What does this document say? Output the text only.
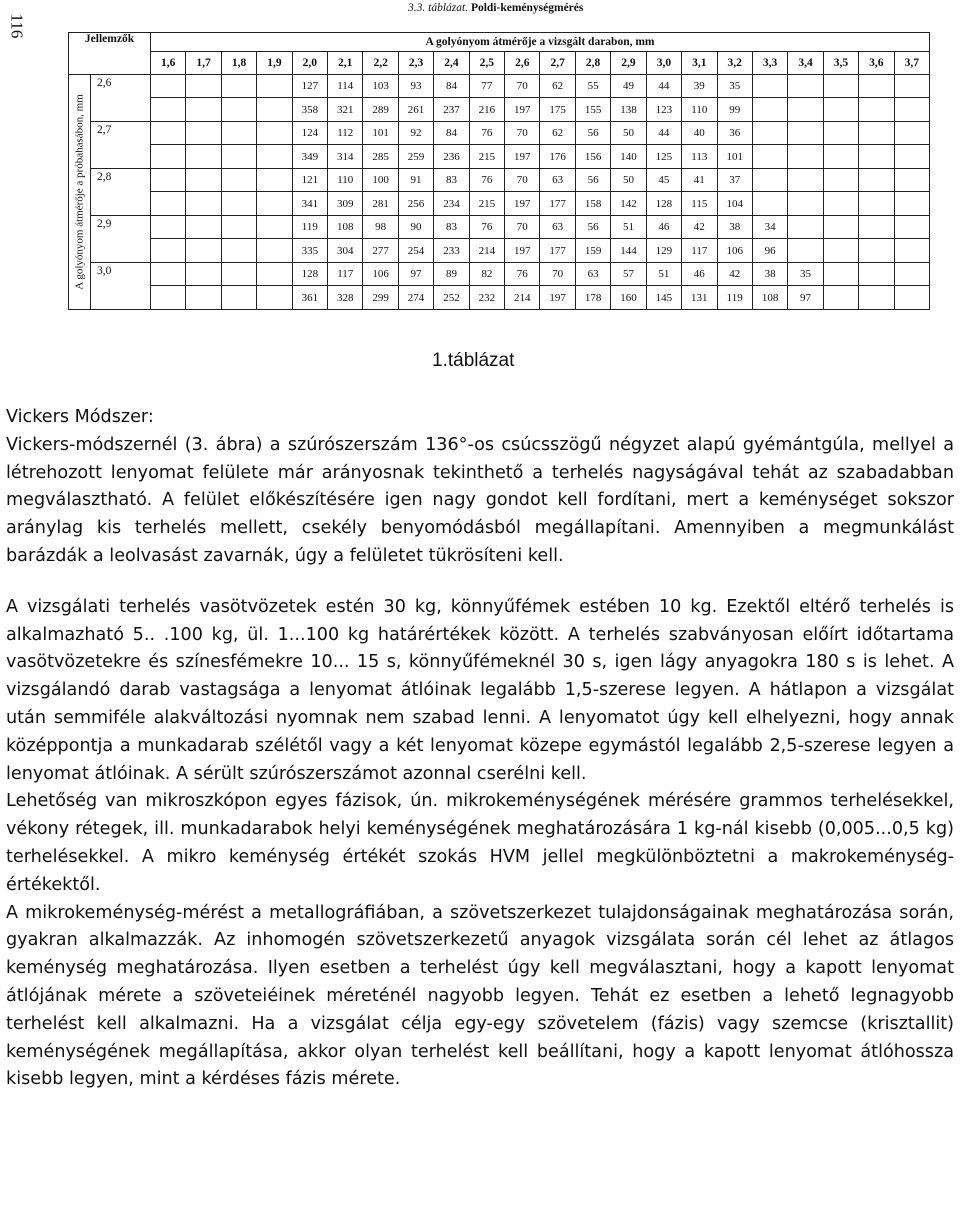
116
3.3. táblázat. Poldi-keménységmérés
Jellemzők		A golyónyom átmérője a vizsgált darabon, mm																					
		1,6	1,7	1,8	1,9	2,0	2,1	2,2	2,3	2,4	2,5	2,6	2,7	2,8	2,9	3,0	3,1	3,2	3,3	3,4	3,5	3,6	3,7

A golyónyom átmérője a próbahasábon, mm	2,6					127	114	103	93	84	77	70	62	55	49	44	39	35					
						358	321	289	261	237	216	197	175	155	138	123	110	99					
	2,7					124	112	101	92	84	76	70	62	56	50	44	40	36					
						349	314	285	259	236	215	197	176	156	140	125	113	101					
	2,8					121	110	100	91	83	76	70	63	56	50	45	41	37					
						341	309	281	256	234	215	197	177	158	142	128	115	104					
	2,9					119	108	98	90	83	76	70	63	56	51	46	42	38	34				
						335	304	277	254	233	214	197	177	159	144	129	117	106	96				
	3,0					128	117	106	97	89	82	76	70	63	57	51	46	42	38	35			
						361	328	299	274	252	232	214	197	178	160	145	131	119	108	97			
1.táblázat
Vickers Módszer:

Vickers-módszernél (3. ábra) a szúrószerszám 136°-os csúcsszögű négyzet alapú gyémántgúla, mellyel a létrehozott lenyomat felülete már arányosnak tekinthető a terhelés nagyságával tehát az szabadabban megválasztható. A felület előkészítésére igen nagy gondot kell fordítani, mert a keménységet sokszor aránylag kis terhelés mellett, csekély benyomódásból megállapítani. Amennyiben a megmunkálást barázdák a leolvasást zavarnák, úgy a felületet tükrösíteni kell.

A vizsgálati terhelés vasötvözetek estén 30 kg, könnyűfémek estében 10 kg. Ezektől eltérő terhelés is alkalmazható 5.. .100 kg, ül. 1...100 kg határértékek között. A terhelés szabványosan előírt időtartama vasötvözetekre és színesfémekre 10... 15 s, könnyűfémeknél 30 s, igen lágy anyagokra 180 s is lehet. A vizsgálandó darab vastagsága a lenyomat átlóinak legalább 1,5-szerese legyen. A hátlapon a vizsgálat után semmiféle alakváltozási nyomnak nem szabad lenni. A lenyomatot úgy kell elhelyezni, hogy annak középpontja a munkadarab szélétől vagy a két lenyomat közepe egymástól legalább 2,5-szerese legyen a lenyomat átlóinak. A sérült szúrószerszámot azonnal cserélni kell.

Lehetőség van mikroszkópon egyes fázisok, ún. mikrokeménységének mérésére grammos terhelésekkel, vékony rétegek, ill. munkadarabok helyi keménységének meghatározására 1 kg-nál kisebb (0,005...0,5 kg) terhelésekkel. A mikro keménység értékét szokás HVM jellel megkülönböztetni a makrokeménység-értékektől.

A mikrokeménység-mérést a metallográfiában, a szövetszerkezet tulajdonságainak meghatározása során, gyakran alkalmazzák. Az inhomogén szövetszerkezetű anyagok vizsgálata során cél lehet az átlagos keménység meghatározása. Ilyen esetben a terhelést úgy kell megválasztani, hogy a kapott lenyomat átlójának mérete a szöveteiéinek méreténél nagyobb legyen. Tehát ez esetben a lehető legnagyobb terhelést kell alkalmazni. Ha a vizsgálat célja egy-egy szövetelem (fázis) vagy szemcse (krisztallit) keménységének megállapítása, akkor olyan terhelést kell beállítani, hogy a kapott lenyomat átlóhossza kisebb legyen, mint a kérdéses fázis mérete.
